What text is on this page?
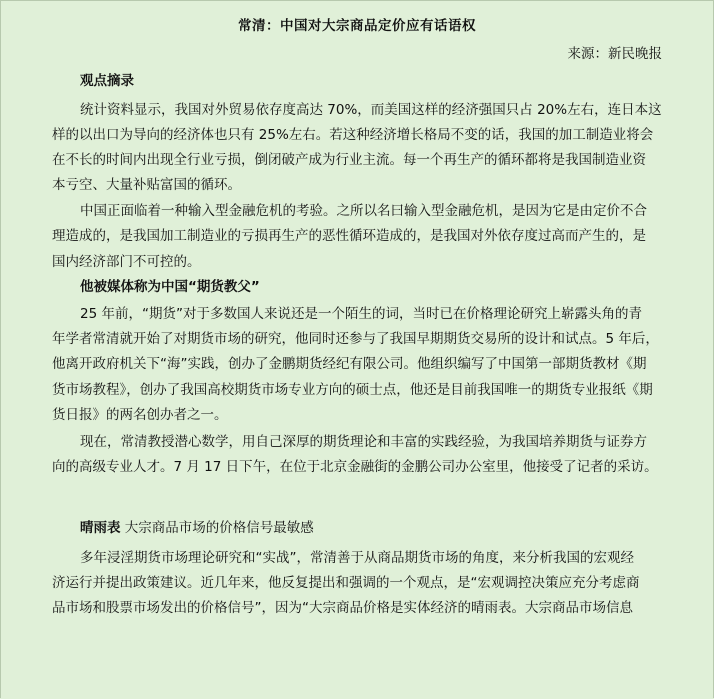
常清：中国对大宗商品定价应有话语权
来源：新民晚报
观点摘录
统计资料显示，我国对外贸易依存度高达 70%，而美国这样的经济强国只占 20%左右，连日本这
样的以出口为导向的经济体也只有 25%左右。若这种经济增长格局不变的话，我国的加工制造业将会
在不长的时间内出现全行业亏损，倒闭破产成为行业主流。每一个再生产的循环都将是我国制造业资
本亏空、大量补贴富国的循环。
中国正面临着一种输入型金融危机的考验。之所以名曰输入型金融危机，是因为它是由定价不合
理造成的，是我国加工制造业的亏损再生产的恶性循环造成的，是我国对外依存度过高而产生的，是
国内经济部门不可控的。
他被媒体称为中国“期货教父”
25 年前，“期货”对于多数国人来说还是一个陌生的词，当时已在价格理论研究上崭露头角的青
年学者常清就开始了对期货市场的研究，他同时还参与了我国早期期货交易所的设计和试点。5 年后，
他离开政府机关下“海”实践，创办了金鹏期货经纪有限公司。他组织编写了中国第一部期货教材《期
货市场教程》，创办了我国高校期货市场专业方向的硕士点，他还是目前我国唯一的期货专业报纸《期
货日报》的两名创办者之一。
现在，常清教授潜心数学，用自己深厚的期货理论和丰富的实践经验，为我国培养期货与证券方
向的高级专业人才。7 月 17 日下午，在位于北京金融街的金鹏公司办公室里，他接受了记者的采访。
晴雨表 大宗商品市场的价格信号最敏感
多年浸淫期货市场理论研究和“实战”，常清善于从商品期货市场的角度，来分析我国的宏观经
济运行并提出政策建议。近几年来，他反复提出和强调的一个观点，是“宏观调控决策应充分考虑商
品市场和股票市场发出的价格信号”，因为“大宗商品价格是实体经济的晴雨表。大宗商品市场信息
